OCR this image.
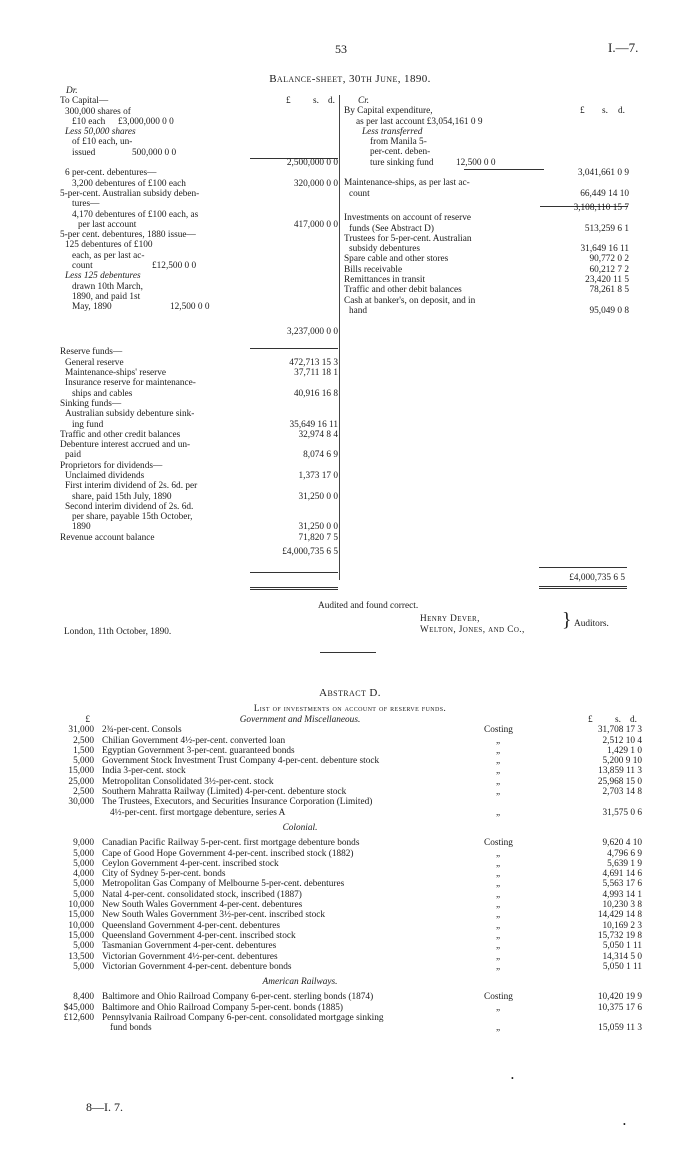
53	I.—7.
Balance-sheet, 30th June, 1890.
Dr.
To Capital—	£ s. d.
300,000 shares of
£10 each £3,000,000 0 0
Less 50,000 shares
of £10 each, un-
issued	500,000 0 0
2,500,000 0 0
6 per-cent. debentures—
3,200 debentures of £100 each	320,000 0 0
5-per-cent. Australian subsidy deben-
tures—
4,170 debentures of £100 each, as
per last account	417,000 0 0
5-per cent. debentures, 1880 issue—
125 debentures of £100
each, as per last ac-
count	£12,500 0 0
Less 125 debentures
drawn 10th March,
1890, and paid 1st
May, 1890	12,500 0 0
3,237,000 0 0
Reserve funds—
General reserve	472,713 15 3
Maintenance-ships' reserve	37,711 18 1
Insurance reserve for maintenance-
ships and cables	40,916 16 8
Sinking funds—
Australian subsidy debenture sink-
ing fund	35,649 16 11
Traffic and other credit balances	32,974 8 4
Debenture interest accrued and un-
paid	8,074 6 9
Proprietors for dividends—
Unclaimed dividends	1,373 17 0
First interim dividend of 2s. 6d. per
share, paid 15th July, 1890	31,250 0 0
Second interim dividend of 2s. 6d.
per share, payable 15th October,
1890	31,250 0 0
Revenue account balance	71,820 7 5
£4,000,735 6 5
Cr.
By Capital expenditure,	£ s. d.
as per last account £3,054,161 0 9
Less transferred
from Manila 5-
per-cent. deben-
ture sinking fund 12,500 0 0
3,041,661 0 9
Maintenance-ships, as per last ac-
count	66,449 14 10
3,108,110 15 7
Investments on account of reserve
funds (See Abstract D)	513,259 6 1
Trustees for 5-per-cent. Australian
subsidy debentures	31,649 16 11
Spare cable and other stores	90,772 0 2
Bills receivable	60,212 7 2
Remittances in transit	23,420 11 5
Traffic and other debit balances	78,261 8 5
Cash at banker's, on deposit, and in
hand	95,049 0 8
£4,000,735 6 5
Audited and found correct.
Henry Dever,
Welton, Jones, and Co., } Auditors.
London, 11th October, 1890.
Abstract D.
List of investments on account of reserve funds.
£	Government and Miscellaneous.	£ s. d.
31,000 2¾-per-cent. Consols	Costing	31,708 17 3
2,500 Chilian Government 4½-per-cent. converted loan	„	2,512 10 4
1,500 Egyptian Government 3-per-cent. guaranteed bonds	„	1,429 1 0
5,000 Government Stock Investment Trust Company 4-per-cent. debenture stock	„	5,200 9 10
15,000 India 3-per-cent. stock	„	13,859 11 3
25,000 Metropolitan Consolidated 3½-per-cent. stock	„	25,968 15 0
2,500 Southern Mahratta Railway (Limited) 4-per-cent. debenture stock	„	2,703 14 8
30,000 The Trustees, Executors, and Securities Insurance Corporation (Limited)
4½-per-cent. first mortgage debenture, series A	„	31,575 0 6
Colonial.
9,000 Canadian Pacific Railway 5-per-cent. first mortgage debenture bonds	Costing	9,620 4 10
5,000 Cape of Good Hope Government 4-per-cent. inscribed stock (1882)	„	4,796 6 9
5,000 Ceylon Government 4-per-cent. inscribed stock	„	5,639 1 9
4,000 City of Sydney 5-per-cent. bonds	„	4,691 14 6
5,000 Metropolitan Gas Company of Melbourne 5-per-cent. debentures	„	5,563 17 6
5,000 Natal 4-per-cent. consolidated stock, inscribed (1887)	„	4,993 14 1
10,000 New South Wales Government 4-per-cent. debentures	„	10,230 3 8
15,000 New South Wales Government 3½-per-cent. inscribed stock	„	14,429 14 8
10,000 Queensland Government 4-per-cent. debentures	„	10,169 2 3
15,000 Queensland Government 4-per-cent. inscribed stock	„	15,732 19 8
5,000 Tasmanian Government 4-per-cent. debentures	„	5,050 1 11
13,500 Victorian Government 4½-per-cent. debentures	„	14,314 5 0
5,000 Victorian Government 4-per-cent. debenture bonds	„	5,050 1 11
American Railways.
8,400 Baltimore and Ohio Railroad Company 6-per-cent. sterling bonds (1874)	Costing	10,420 19 9
$45,000 Baltimore and Ohio Railroad Company 5-per-cent. bonds (1885)	„	10,375 17 6
£12,600 Pennsylvania Railroad Company 6-per-cent. consolidated mortgage sinking
fund bonds	„	15,059 11 3
8—I. 7.
•
•
